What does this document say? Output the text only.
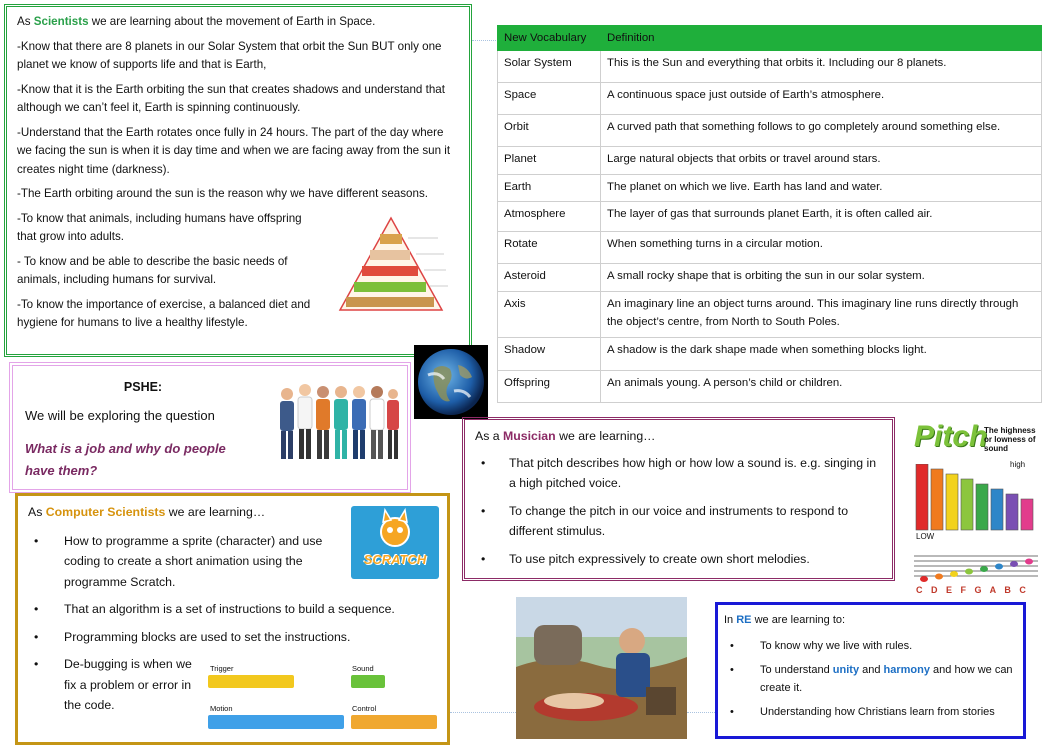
As Scientists we are learning about the movement of Earth in Space.
-Know that there are 8 planets in our Solar System that orbit the Sun BUT only one planet we know of supports life and that is Earth,
-Know that it is the Earth orbiting the sun that creates shadows and understand that although we can’t feel it, Earth is spinning continuously.
-Understand that the Earth rotates once fully in 24 hours. The part of the day where we facing the sun is when it is day time and when we are facing away from the sun it creates night time (darkness).
-The Earth orbiting around the sun is the reason why we have different seasons.
-To know that animals, including humans have offspring that grow into adults.
- To know and be able to describe the basic needs of animals, including humans for survival.
-To know the importance of exercise, a balanced diet and hygiene for humans to live a healthy lifestyle.
New Vocabulary	Definition
Solar System	This is the Sun and everything that orbits it. Including our 8 planets.
Space	A continuous space just outside of Earth’s atmosphere.
Orbit	A curved path that something follows to go completely around something else.
Planet	Large natural objects that orbits or travel around stars.
Earth	The planet on which we live. Earth has land and water.
Atmosphere	The layer of gas that surrounds planet Earth, it is often called air.
Rotate	When something turns in a circular motion.
Asteroid	A small rocky shape that is orbiting the sun in our solar system.
Axis	An imaginary line an object turns around. This imaginary line runs directly through the object’s centre, from North to South Poles.
Shadow	A shadow is the dark shape made when something blocks light.
Offspring	An animals young. A person’s child or children.
PSHE:
We will be exploring the question
What is a job and why do people have them?
As Computer Scientists we are learning…
• How to programme a sprite (character) and use coding to create a short animation using the programme Scratch.
• That an algorithm is a set of instructions to build a sequence.
• Programming blocks are used to set the instructions.
• De-bugging is when we fix a problem or error in the code.
SCRATCH
Trigger	Sound
Motion	Control
As a Musician we are learning…
• That pitch describes how high or how low a sound is. e.g. singing in a high pitched voice.
• To change the pitch in our voice and instruments to respond to different stimulus.
• To use pitch expressively to create own short melodies.
Pitch
The highness or lowness of sound
high
LOW
C D E F G A B C
In RE we are learning to:
• To know why we live with rules.
• To understand unity and harmony and how we can create it.
• Understanding how Christians learn from stories
